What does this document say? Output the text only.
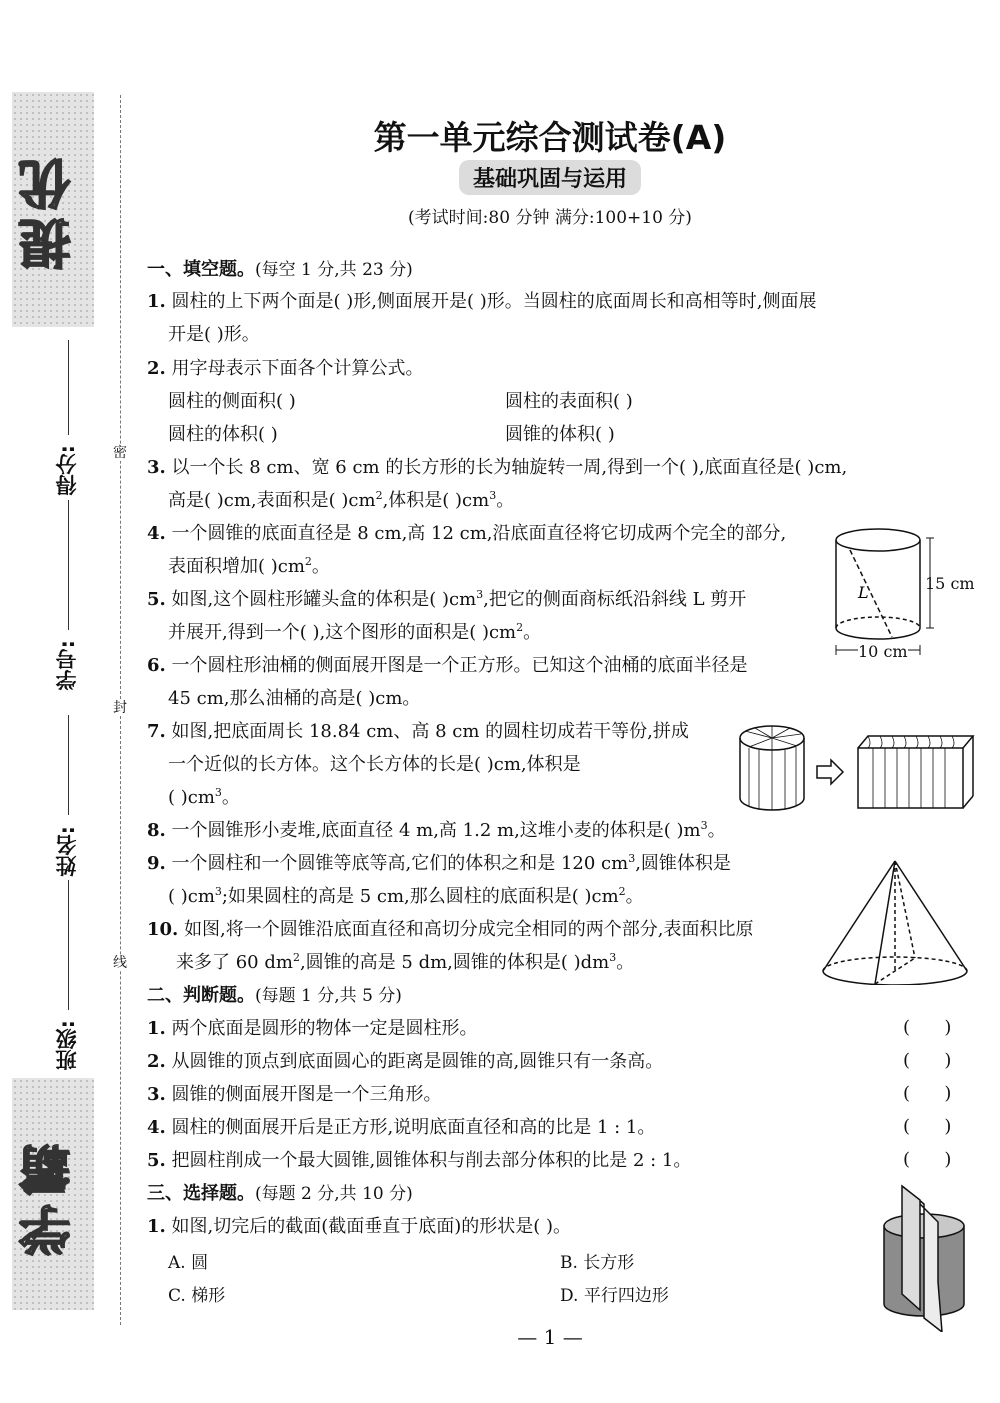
提优
得分:
学号:
姓名:
班级:
密
封
线
学霸
第一单元综合测试卷(A)
基础巩固与运用
(考试时间:80 分钟 满分:100+10 分)
一、填空题。(每空 1 分,共 23 分)
1. 圆柱的上下两个面是( )形,侧面展开是( )形。当圆柱的底面周长和高相等时,侧面展
开是( )形。
2. 用字母表示下面各个计算公式。
圆柱的侧面积( )	圆柱的表面积( )
圆柱的体积( )	圆锥的体积( )
3. 以一个长 8 cm、宽 6 cm 的长方形的长为轴旋转一周,得到一个( ),底面直径是( )cm,
高是( )cm,表面积是( )$cm^2$,体积是( )$cm^3$。
4. 一个圆锥的底面直径是 8 cm,高 12 cm,沿底面直径将它切成两个完全的部分,
表面积增加( )$cm^2$。
5. 如图,这个圆柱形罐头盒的体积是( )$cm^3$,把它的侧面商标纸沿斜线 L 剪开
并展开,得到一个( ),这个图形的面积是( )$cm^2$。
6. 一个圆柱形油桶的侧面展开图是一个正方形。已知这个油桶的底面半径是
45 cm,那么油桶的高是( )cm。
7. 如图,把底面周长 18.84 cm、高 8 cm 的圆柱切成若干等份,拼成
一个近似的长方体。这个长方体的长是( )cm,体积是
( )$cm^3$。
8. 一个圆锥形小麦堆,底面直径 4 m,高 1.2 m,这堆小麦的体积是( )$m^3$。
9. 一个圆柱和一个圆锥等底等高,它们的体积之和是 120 $cm^3$,圆锥体积是
( )$cm^3$;如果圆柱的高是 5 cm,那么圆柱的底面积是( )$cm^2$。
10. 如图,将一个圆锥沿底面直径和高切分成完全相同的两个部分,表面积比原
来多了 60 $dm^2$,圆锥的高是 5 dm,圆锥的体积是( )$dm^3$。
二、判断题。(每题 1 分,共 5 分)
1. 两个底面是圆形的物体一定是圆柱形。	(      )
2. 从圆锥的顶点到底面圆心的距离是圆锥的高,圆锥只有一条高。	(      )
3. 圆锥的侧面展开图是一个三角形。	(      )
4. 圆柱的侧面展开后是正方形,说明底面直径和高的比是 1 : 1。	(      )
5. 把圆柱削成一个最大圆锥,圆锥体积与削去部分体积的比是 2 : 1。	(      )
三、选择题。(每题 2 分,共 10 分)
1. 如图,切完后的截面(截面垂直于底面)的形状是( )。
A. 圆	B. 长方形
C. 梯形	D. 平行四边形
L	15 cm
10 cm
— 1 —
